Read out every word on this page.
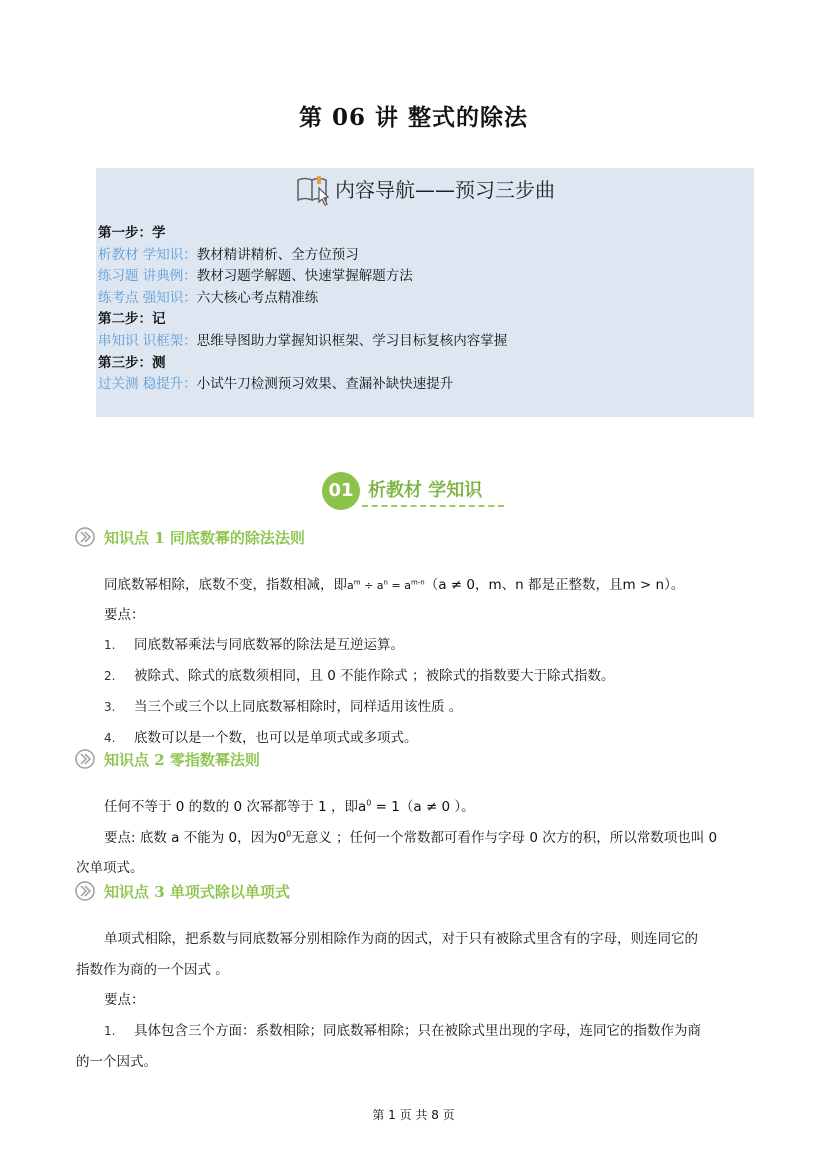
第 06 讲 整式的除法
内容导航——预习三步曲
第一步：学
析教材 学知识：教材精讲精析、全方位预习
练习题 讲典例：教材习题学解题、快速掌握解题方法
练考点 强知识：六大核心考点精准练
第二步：记
串知识 识框架：思维导图助力掌握知识框架、学习目标复核内容掌握
第三步：测
过关测 稳提升：小试牛刀检测预习效果、查漏补缺快速提升
01 析教材 学知识
知识点 1 同底数幂的除法法则
同底数幂相除，底数不变，指数相减，即$a^m \div a^n = a^{m-n}(a \ne 0$，m、n 都是正整数，且m > n）。
要点：
1. 同底数幂乘法与同底数幂的除法是互逆运算。
2. 被除式、除式的底数须相同，且 0 不能作除式 ；被除式的指数要大于除式指数。
3. 当三个或三个以上同底数幂相除时，同样适用该性质 。
4. 底数可以是一个数，也可以是单项式或多项式。
知识点 2 零指数幂法则
任何不等于 0 的数的 0 次幂都等于 1 ，即$a^0 = 1(a \ne 0$ ）。
要点: 底数 a 不能为 0，因为$0^0$无意义 ；任何一个常数都可看作与字母 0 次方的积，所以常数项也叫 0
次单项式。
知识点 3 单项式除以单项式
单项式相除，把系数与同底数幂分别相除作为商的因式，对于只有被除式里含有的字母，则连同它的
指数作为商的一个因式 。
要点：
1. 具体包含三个方面：系数相除；同底数幂相除；只在被除式里出现的字母，连同它的指数作为商
的一个因式。
第 1 页 共 8 页
